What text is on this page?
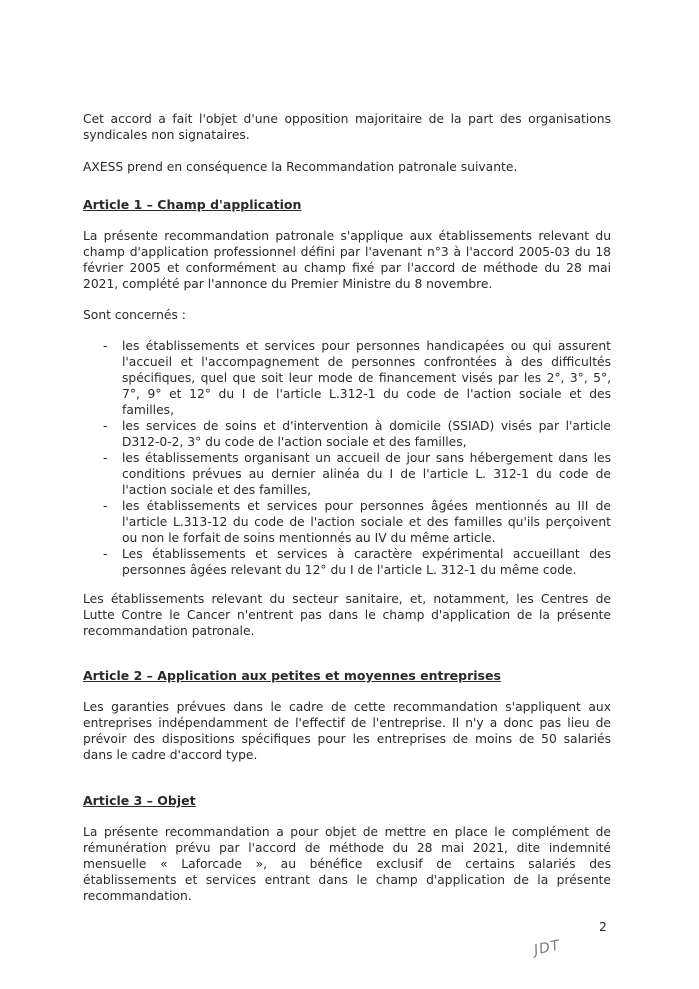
Cet accord a fait l'objet d'une opposition majoritaire de la part des organisations syndicales non signataires.

AXESS prend en conséquence la Recommandation patronale suivante.

Article 1 – Champ d'application

La présente recommandation patronale s'applique aux établissements relevant du champ d'application professionnel défini par l'avenant n°3 à l'accord 2005-03 du 18 février 2005 et conformément au champ fixé par l'accord de méthode du 28 mai 2021, complété par l'annonce du Premier Ministre du 8 novembre.

Sont concernés :

- les établissements et services pour personnes handicapées ou qui assurent l'accueil et l'accompagnement de personnes confrontées à des difficultés spécifiques, quel que soit leur mode de financement visés par les 2°, 3°, 5°, 7°, 9° et 12° du I de l'article L.312-1 du code de l'action sociale et des familles,
- les services de soins et d'intervention à domicile (SSIAD) visés par l'article D312-0-2, 3° du code de l'action sociale et des familles,
- les établissements organisant un accueil de jour sans hébergement dans les conditions prévues au dernier alinéa du I de l'article L. 312-1 du code de l'action sociale et des familles,
- les établissements et services pour personnes âgées mentionnés au III de l'article L.313-12 du code de l'action sociale et des familles qu'ils perçoivent ou non le forfait de soins mentionnés au IV du même article.
- Les établissements et services à caractère expérimental accueillant des personnes âgées relevant du 12° du I de l'article L. 312-1 du même code.

Les établissements relevant du secteur sanitaire, et, notamment, les Centres de Lutte Contre le Cancer n'entrent pas dans le champ d'application de la présente recommandation patronale.

Article 2 – Application aux petites et moyennes entreprises

Les garanties prévues dans le cadre de cette recommandation s'appliquent aux entreprises indépendamment de l'effectif de l'entreprise. Il n'y a donc pas lieu de prévoir des dispositions spécifiques pour les entreprises de moins de 50 salariés dans le cadre d'accord type.

Article 3 – Objet

La présente recommandation a pour objet de mettre en place le complément de rémunération prévu par l'accord de méthode du 28 mai 2021, dite indemnité mensuelle « Laforcade », au bénéfice exclusif de certains salariés des établissements et services entrant dans le champ d'application de la présente recommandation.

2
JDT
